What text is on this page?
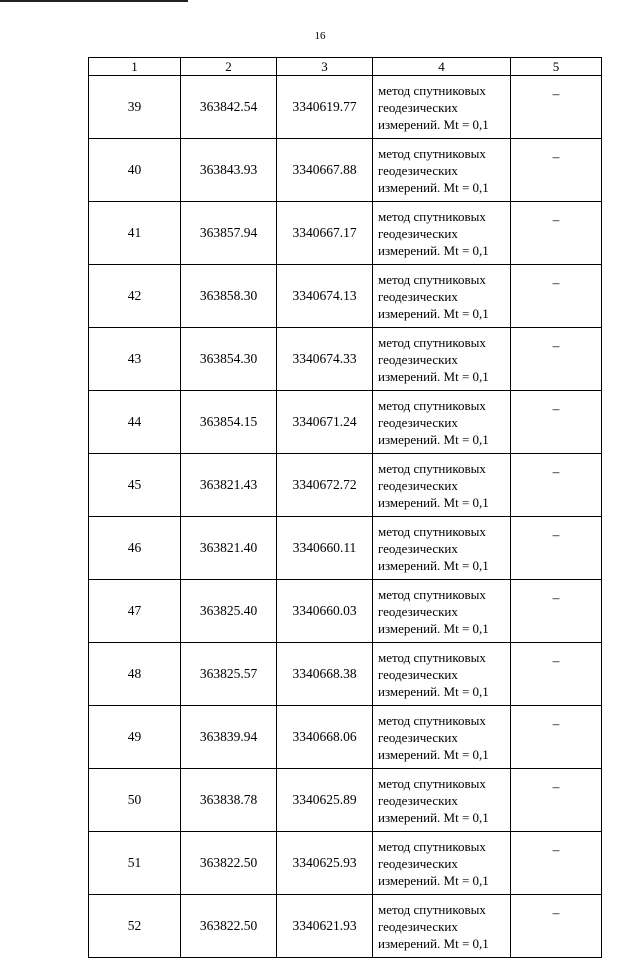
16
1	2	3	4	5
39	363842.54	3340619.77	метод спутниковых геодезических измерений. Mt = 0,1	–
40	363843.93	3340667.88	метод спутниковых геодезических измерений. Mt = 0,1	–
41	363857.94	3340667.17	метод спутниковых геодезических измерений. Mt = 0,1	–
42	363858.30	3340674.13	метод спутниковых геодезических измерений. Mt = 0,1	–
43	363854.30	3340674.33	метод спутниковых геодезических измерений. Mt = 0,1	–
44	363854.15	3340671.24	метод спутниковых геодезических измерений. Mt = 0,1	–
45	363821.43	3340672.72	метод спутниковых геодезических измерений. Mt = 0,1	–
46	363821.40	3340660.11	метод спутниковых геодезических измерений. Mt = 0,1	–
47	363825.40	3340660.03	метод спутниковых геодезических измерений. Mt = 0,1	–
48	363825.57	3340668.38	метод спутниковых геодезических измерений. Mt = 0,1	–
49	363839.94	3340668.06	метод спутниковых геодезических измерений. Mt = 0,1	–
50	363838.78	3340625.89	метод спутниковых геодезических измерений. Mt = 0,1	–
51	363822.50	3340625.93	метод спутниковых геодезических измерений. Mt = 0,1	–
52	363822.50	3340621.93	метод спутниковых геодезических измерений. Mt = 0,1	–
